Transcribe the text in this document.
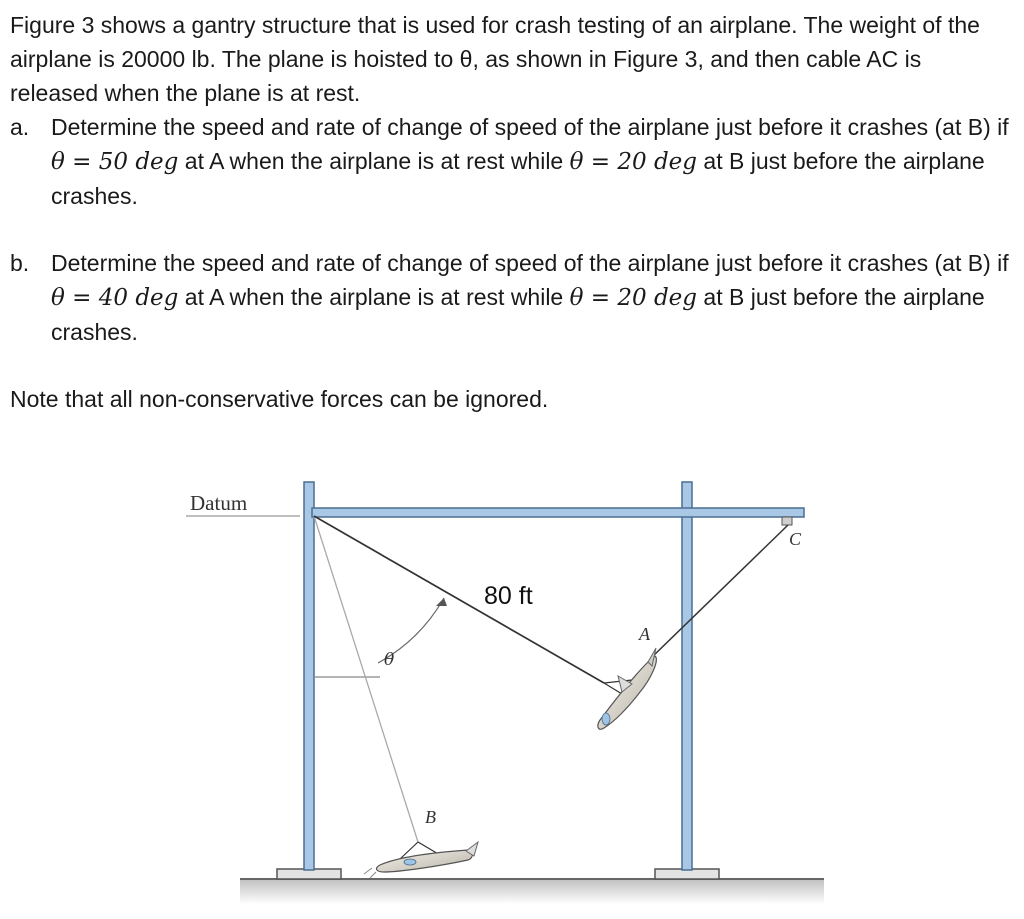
Figure 3 shows a gantry structure that is used for crash testing of an airplane. The weight of the airplane is 20000 lb. The plane is hoisted to θ, as shown in Figure 3, and then cable AC is released when the plane is at rest.

a. Determine the speed and rate of change of speed of the airplane just before it crashes (at B) if θ = 50 deg at A when the airplane is at rest while θ = 20 deg at B just before the airplane crashes.
b. Determine the speed and rate of change of speed of the airplane just before it crashes (at B) if θ = 40 deg at A when the airplane is at rest while θ = 20 deg at B just before the airplane crashes.

Note that all non-conservative forces can be ignored.

Datum
C
θ
80 ft
A
B
